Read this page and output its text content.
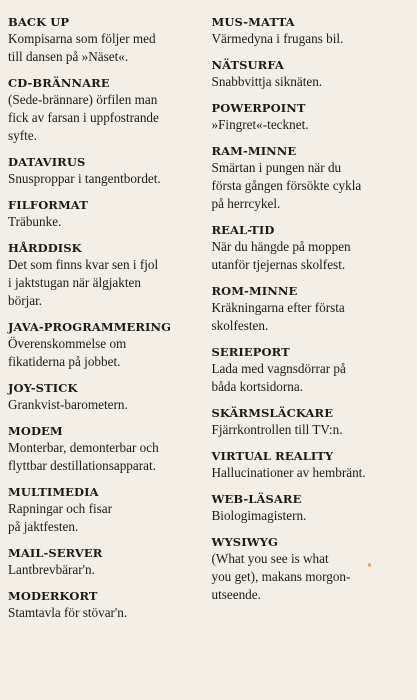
BACK UP
Kompisarna som följer med
till dansen på »Näset«.
CD-BRÄNNARE
(Sede-brännare) örfilen man
fick av farsan i uppfostrande
syfte.
DATAVIRUS
Snusproppar i tangentbordet.
FILFORMAT
Träbunke.
HÅRDDISK
Det som finns kvar sen i fjol
i jaktstugan när älgjakten
börjar.
JAVA-PROGRAMMERING
Överenskommelse om
fikatiderna på jobbet.
JOY-STICK
Grankvist-barometern.
MODEM
Monterbar, demonterbar och
flyttbar destillationsapparat.
MULTIMEDIA
Rapningar och fisar
på jaktfesten.
MAIL-SERVER
Lantbrevbärar'n.
MODERKORT
Stamtavla för stövar'n.
MUS-MATTA
Värmedyna i frugans bil.
NÄTSURFA
Snabbvittja siknäten.
POWERPOINT
»Fingret«-tecknet.
RAM-MINNE
Smärtan i pungen när du
första gången försökte cykla
på herrcykel.
REAL-TID
När du hängde på moppen
utanför tjejernas skolfest.
ROM-MINNE
Kräkningarna efter första
skolfesten.
SERIEPORT
Lada med vagnsdörrar på
båda kortsidorna.
SKÄRMSLÄCKARE
Fjärrkontrollen till TV:n.
VIRTUAL REALITY
Hallucinationer av hembränt.
WEB-LÄSARE
Biologimagistern.
WYSIWYG
(What you see is what
you get), makans morgon-
utseende.
